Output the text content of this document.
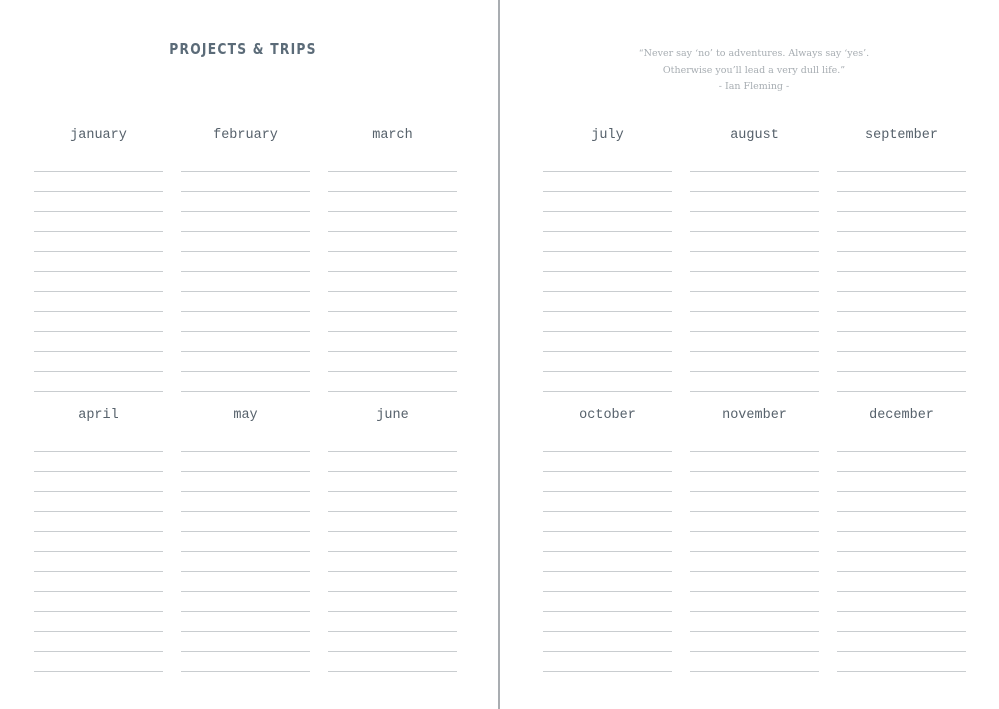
PROJECTS & TRIPS	“Never say ‘no’ to adventures. Always say ‘yes’.
Otherwise you’ll lead a very dull life.”
- Ian Fleming -
january	february	march
april	may	june
july	august	september
october	november	december
